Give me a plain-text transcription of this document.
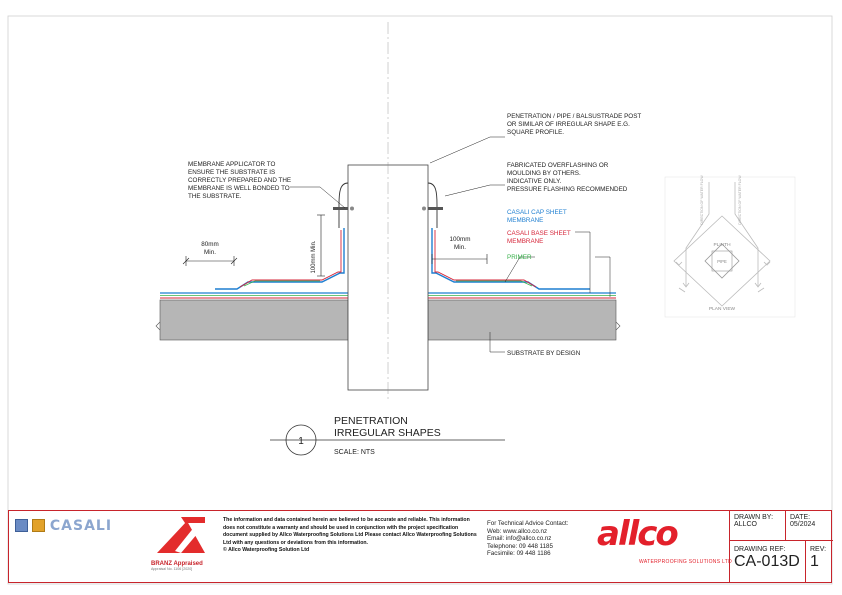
PENETRATION / PIPE / BALSUSTRADE POST
OR SIMILAR OF IRREGULAR SHAPE E.G.
SQUARE PROFILE.
FABRICATED OVERFLASHING OR
MOULDING BY OTHERS.
INDICATIVE ONLY.
PRESSURE FLASHING RECOMMENDED
MEMBRANE APPLICATOR TO
ENSURE THE SUBSTRATE IS
CORRECTLY PREPARED AND THE
MEMBRANE IS WELL BONDED TO
THE SUBSTRATE.
CASALI CAP SHEET
MEMBRANE
CASALI BASE SHEET
MEMBRANE
PRIMER
SUBSTRATE BY DESIGN
80mm
Min.
100mm
Min.
100mm Min.	PLINTH
PIPE
PLAN VIEW
DIRECTION OF WATER FLOW	DIRECTION OF WATER FLOW
1
PENETRATION
IRREGULAR SHAPES
SCALE: NTS
CASALI
BRANZ Appraised
Appraisal No. 1106 [2020]
The information and data contained herein are believed to be accurate and reliable. This information does not constitute a warranty and should be used in conjunction with the project specification document supplied by Allco Waterproofing Solutions Ltd Please contact Allco Waterproofing Solutions Ltd with any questions or deviations from this information.
© Allco Waterproofing Solution Ltd
For Technical Advice Contact:
Web: www.allco.co.nz
Email: info@allco.co.nz
Telephone: 09 448 1185
Facsimile: 09 448 1186	allco
WATERPROOFING SOLUTIONS LTD
DRAWN BY:
ALLCO
DATE:
05/2024
DRAWING REF:
CA-013D
REV:
1
